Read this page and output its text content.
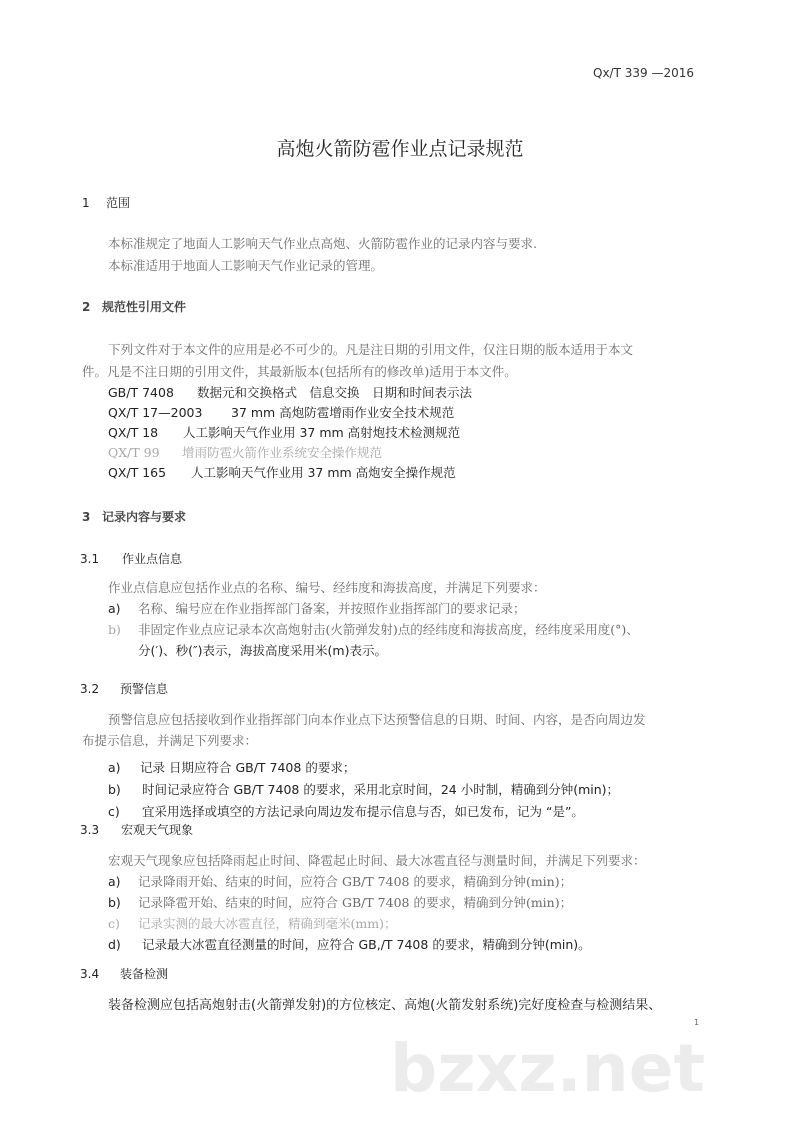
Qx/T 339 —2016
高炮火箭防雹作业点记录规范
1 范围
本标准规定了地面人工影响天气作业点高炮、火箭防雹作业的记录内容与要求.
本标准适用于地面人工影响天气作业记录的管理。
2 规范性引用文件
下列文件对于本文件的应用是必不可少的。凡是注日期的引用文件，仅注日期的版本适用于本文
件。凡是不注日期的引用文件，其最新版本(包括所有的修改单)适用于本文件。
GB/T 7408 数据元和交换格式　信息交换　日期和时间表示法
QX/T 17—2003 37 mm 高炮防雹增雨作业安全技术规范
QX/T 18 人工影响天气作业用 37 mm 高射炮技术检测规范
QX/T 99 增雨防雹火箭作业系统安全操作规范
QX/T 165 人工影响天气作业用 37 mm 高炮安全操作规范
3 记录内容与要求
3.1 作业点信息
作业点信息应包括作业点的名称、编号、经纬度和海拔高度，并满足下列要求：
a) 名称、编号应在作业指挥部门备案，并按照作业指挥部门的要求记录；
b) 非固定作业点应记录本次高炮射击(火箭弹发射)点的经纬度和海拔高度，经纬度采用度(°)、
分(′)、秒(″)表示，海拔高度采用米(m)表示。
3.2 预警信息
预警信息应包括接收到作业指挥部门向本作业点下达预警信息的日期、时间、内容，是否向周边发
布提示信息，并满足下列要求：
a) 记录 日期应符合 GB/T 7408 的要求；
b) 时间记录应符合 GB/T 7408 的要求，采用北京时间，24 小时制，精确到分钟(min)；
c) 宜采用选择或填空的方法记录向周边发布提示信息与否，如已发布，记为 “是”。
3.3 宏观天气现象
宏观天气现象应包括降雨起止时间、降雹起止时间、最大冰雹直径与测量时间，并满足下列要求：
a) 记录降雨开始、结束的时间，应符合 GB/T 7408 的要求，精确到分钟(min)；
b) 记录降雹开始、结束的时间，应符合 GB/T 7408 的要求，精确到分钟(min)；
c) 记录实测的最大冰雹直径，精确到毫米(mm)；
d) 记录最大冰雹直径测量的时间，应符合 GB,/T 7408 的要求，精确到分钟(min)。
3.4 装备检测
装备检测应包括高炮射击(火箭弹发射)的方位核定、高炮(火箭发射系统)完好度检查与检测结果、
1
bzxz.net
